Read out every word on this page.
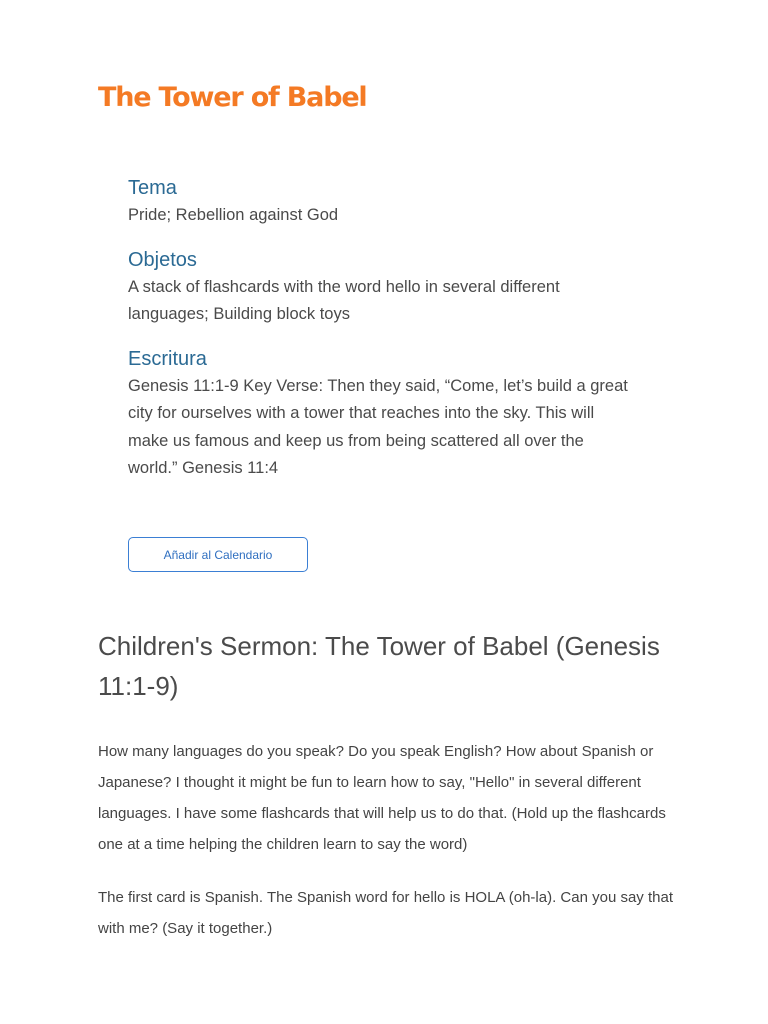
The Tower of Babel
Tema

Pride; Rebellion against God

Objetos

A stack of flashcards with the word hello in several different languages; Building block toys

Escritura

Genesis 11:1-9 Key Verse: Then they said, “Come, let’s build a great city for ourselves with a tower that reaches into the sky. This will make us famous and keep us from being scattered all over the world.” Genesis 11:4

Añadir al Calendario
Children's Sermon: The Tower of Babel (Genesis 11:1-9)

How many languages do you speak? Do you speak English? How about Spanish or Japanese? I thought it might be fun to learn how to say, "Hello" in several different languages. I have some flashcards that will help us to do that. (Hold up the flashcards one at a time helping the children learn to say the word)

The first card is Spanish. The Spanish word for hello is HOLA (oh-la). Can you say that with me? (Say it together.)
